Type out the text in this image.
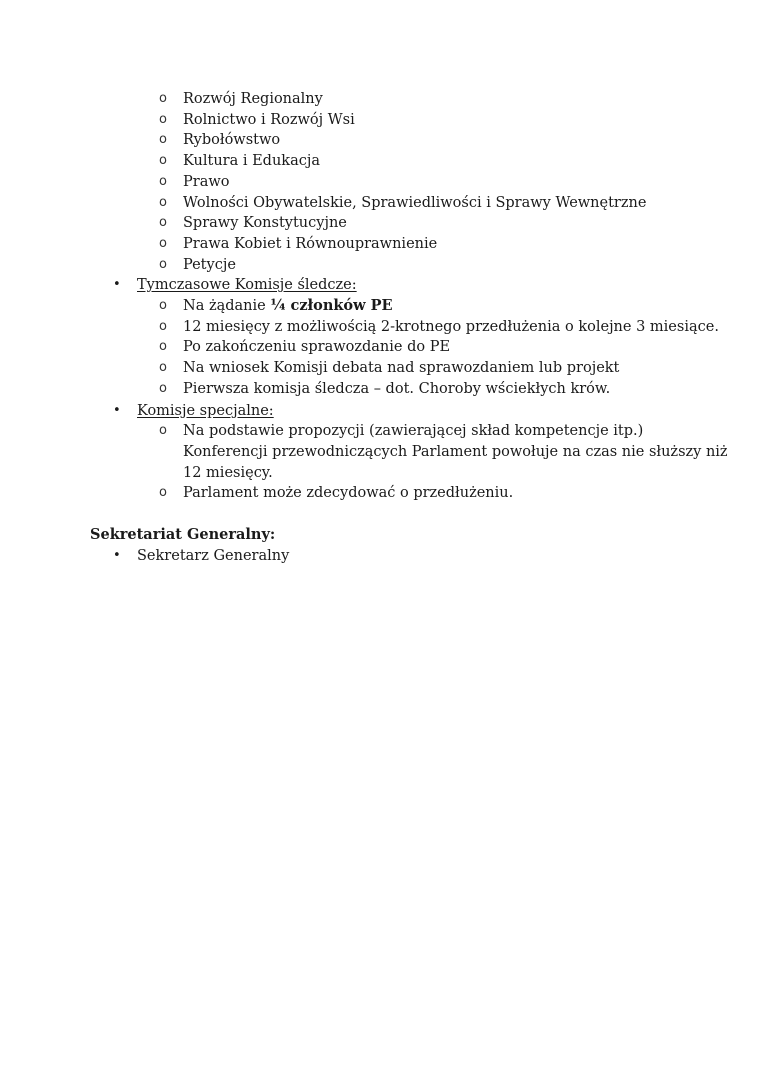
o Rozwój Regionalny
o Rolnictwo i Rozwój Wsi
o Rybołówstwo
o Kultura i Edukacja
o Prawo
o Wolności Obywatelskie, Sprawiedliwości i Sprawy Wewnętrzne
o Sprawy Konstytucyjne
o Prawa Kobiet i Równouprawnienie
o Petycje
• Tymczasowe Komisje śledcze:
o Na żądanie ¼ członków PE
o 12 miesięcy z możliwością 2-krotnego przedłużenia o kolejne 3 miesiące.
o Po zakończeniu sprawozdanie do PE
o Na wniosek Komisji debata nad sprawozdaniem lub projekt
o Pierwsza komisja śledcza – dot. Choroby wściekłych krów.
• Komisje specjalne:
o Na podstawie propozycji (zawierającej skład kompetencje itp.)
Konferencji przewodniczących Parlament powołuje na czas nie służszy niż
12 miesięcy.
o Parlament może zdecydować o przedłużeniu.
Sekretariat Generalny:
• Sekretarz Generalny
